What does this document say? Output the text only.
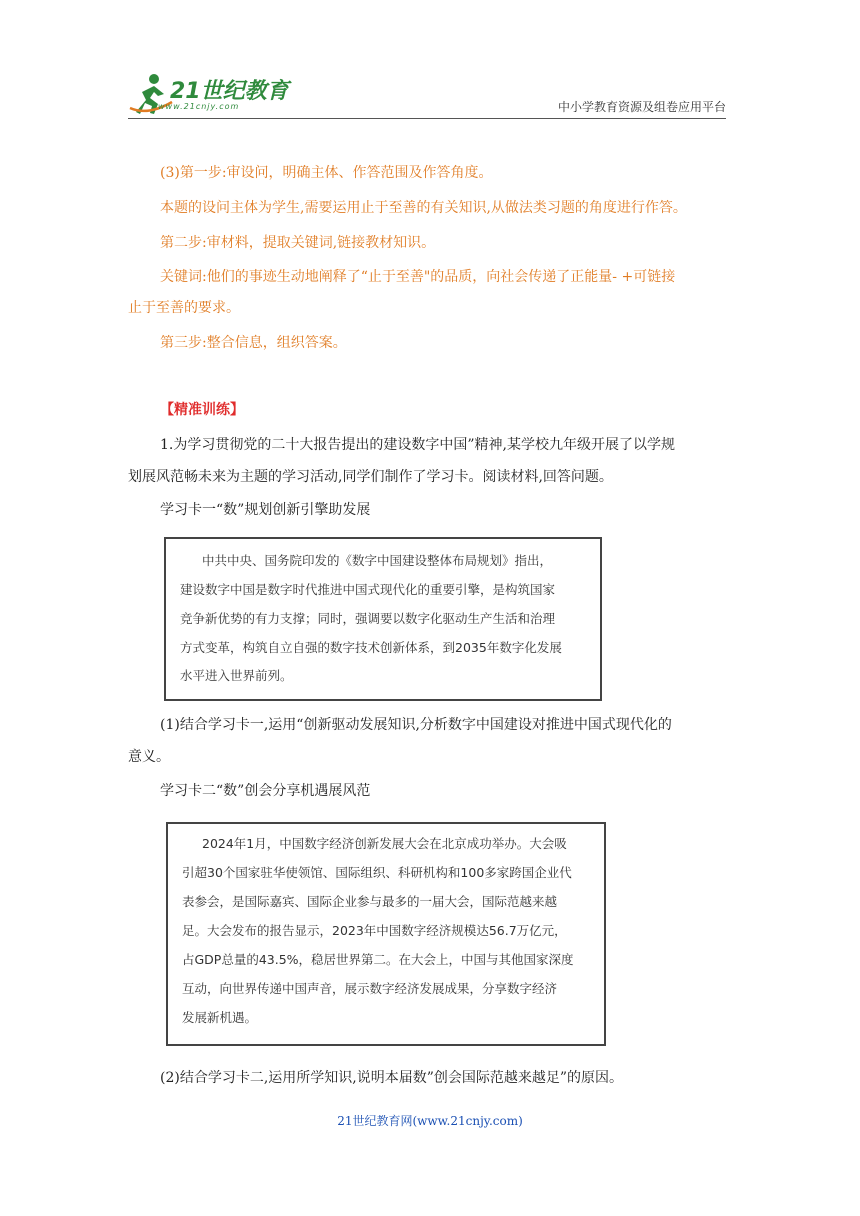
21世纪教育
www.21cnjy.com	中小学教育资源及组卷应用平台
(3)第一步:审设问，明确主体、作答范围及作答角度。
本题的设问主体为学生,需要运用止于至善的有关知识,从做法类习题的角度进行作答。
第二步:审材料，提取关键词,链接教材知识。
关键词:他们的事迹生动地阐释了“止于至善"的品质，向社会传递了正能量- +可链接
止于至善的要求。
第三步:整合信息，组织答案。
【精准训练】
1.为学习贯彻党的二十大报告提出的建设数字中国”精神,某学校九年级开展了以学规
划展风范畅未来为主题的学习活动,同学们制作了学习卡。阅读材料,回答问题。
学习卡一“数”规划创新引擎助发展
中共中央、国务院印发的《数字中国建设整体布局规划》指出，
建设数字中国是数字时代推进中国式现代化的重要引擎，是构筑国家
竞争新优势的有力支撑；同时，强调要以数字化驱动生产生活和治理
方式变革，构筑自立自强的数字技术创新体系，到2035年数字化发展
水平进入世界前列。
(1)结合学习卡一,运用“创新驱动发展知识,分析数字中国建设对推进中国式现代化的
意义。
学习卡二“数”创会分享机遇展风范
2024年1月，中国数字经济创新发展大会在北京成功举办。大会吸
引超30个国家驻华使领馆、国际组织、科研机构和100多家跨国企业代
表参会，是国际嘉宾、国际企业参与最多的一届大会，国际范越来越
足。大会发布的报告显示，2023年中国数字经济规模达56.7万亿元，
占GDP总量的43.5%，稳居世界第二。在大会上，中国与其他国家深度
互动，向世界传递中国声音，展示数字经济发展成果，分享数字经济
发展新机遇。
(2)结合学习卡二,运用所学知识,说明本届数”创会国际范越来越足”的原因。
21世纪教育网(www.21cnjy.com)
